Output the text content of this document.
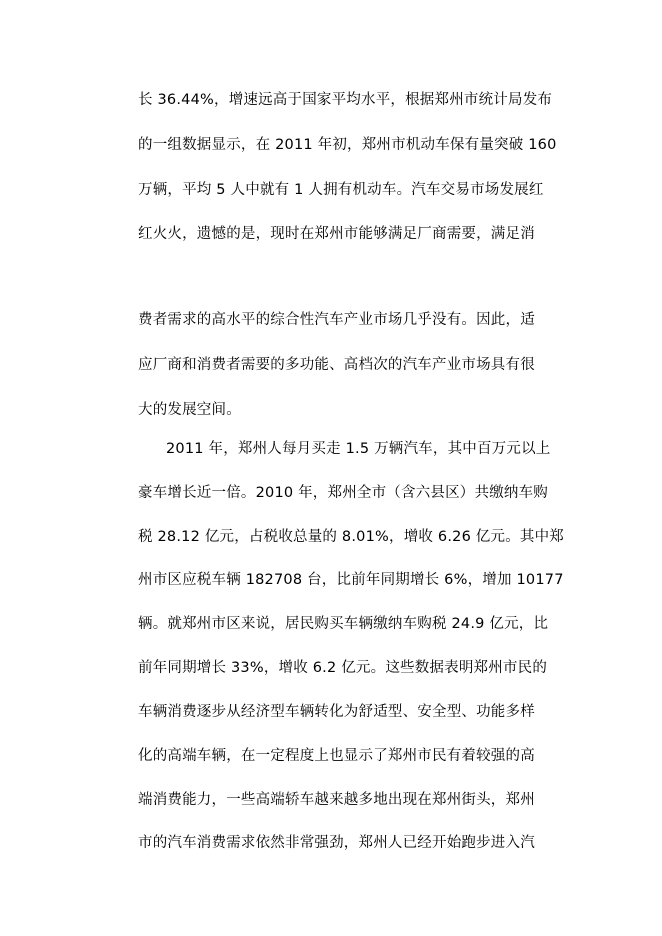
长 36.44%，增速远高于国家平均水平，根据郑州市统计局发布
的一组数据显示，在 2011 年初，郑州市机动车保有量突破 160
万辆，平均 5 人中就有 1 人拥有机动车。汽车交易市场发展红
红火火，遗憾的是，现时在郑州市能够满足厂商需要，满足消
费者需求的高水平的综合性汽车产业市场几乎没有。因此，适
应厂商和消费者需要的多功能、高档次的汽车产业市场具有很
大的发展空间。
2011 年，郑州人每月买走 1.5 万辆汽车，其中百万元以上
豪车增长近一倍。2010 年，郑州全市（含六县区）共缴纳车购
税 28.12 亿元，占税收总量的 8.01%，增收 6.26 亿元。其中郑
州市区应税车辆 182708 台，比前年同期增长 6%，增加 10177
辆。就郑州市区来说，居民购买车辆缴纳车购税 24.9 亿元，比
前年同期增长 33%，增收 6.2 亿元。这些数据表明郑州市民的
车辆消费逐步从经济型车辆转化为舒适型、安全型、功能多样
化的高端车辆，在一定程度上也显示了郑州市民有着较强的高
端消费能力，一些高端轿车越来越多地出现在郑州街头，郑州
市的汽车消费需求依然非常强劲，郑州人已经开始跑步进入汽
